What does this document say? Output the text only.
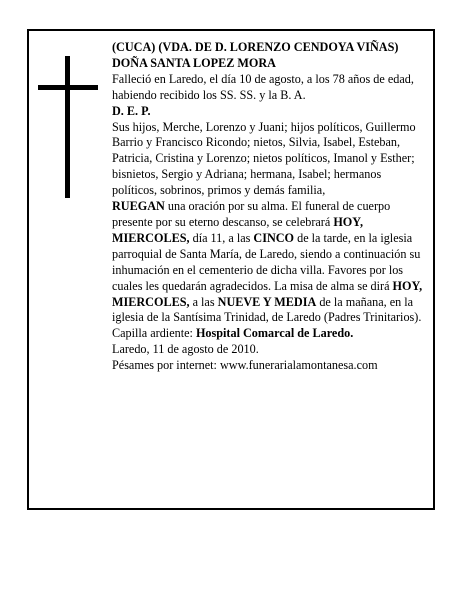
(CUCA) (VDA. DE D. LORENZO CENDOYA VIÑAS)

DOÑA SANTA LOPEZ MORA

Falleció en Laredo, el día 10 de agosto, a los 78 años de edad, habiendo recibido los SS. SS. y la B. A.

D. E. P.

Sus hijos, Merche, Lorenzo y Juani; hijos políticos, Guillermo Barrio y Francisco Ricondo; nietos, Silvia, Isabel, Esteban, Patricia, Cristina y Lorenzo; nietos políticos, Imanol y Esther; bisnietos, Sergio y Adriana; hermana, Isabel; hermanos políticos, sobrinos, primos y demás familia,

RUEGAN una oración por su alma. El funeral de cuerpo presente por su eterno descanso, se celebrará HOY, MIERCOLES, día 11, a las CINCO de la tarde, en la iglesia parroquial de Santa María, de Laredo, siendo a continuación su inhumación en el cementerio de dicha villa. Favores por los cuales les quedarán agradecidos. La misa de alma se dirá HOY, MIERCOLES, a las NUEVE Y MEDIA de la mañana, en la iglesia de la Santísima Trinidad, de Laredo (Padres Trinitarios). Capilla ardiente: Hospital Comarcal de Laredo.

Laredo, 11 de agosto de 2010.

Pésames por internet: www.funerarialamontanesa.com
